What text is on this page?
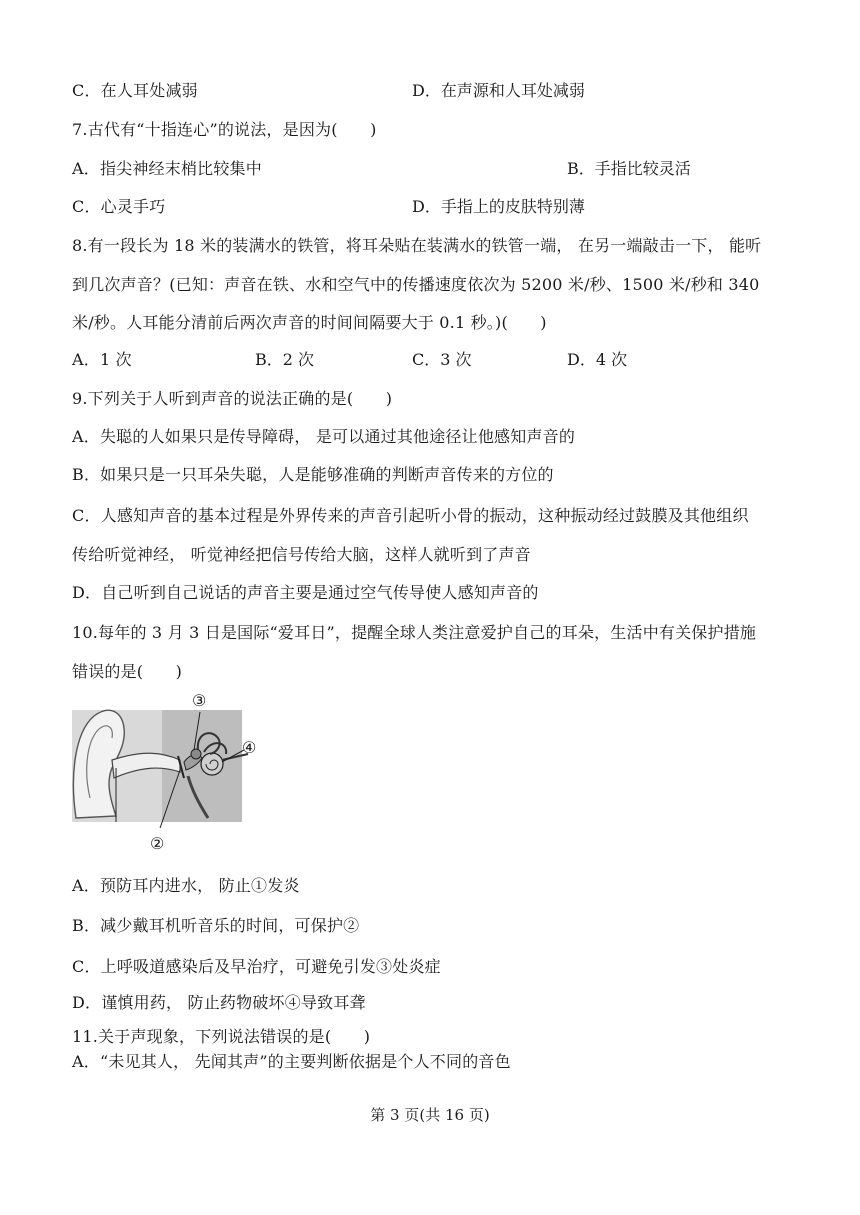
C．在人耳处减弱	D．在声源和人耳处减弱
7.古代有“十指连心”的说法，是因为(　　)
A．指尖神经末梢比较集中	B．手指比较灵活
C．心灵手巧	D．手指上的皮肤特别薄
8.有一段长为 18 米的装满水的铁管，将耳朵贴在装满水的铁管一端， 在另一端敲击一下， 能听
到几次声音？(已知：声音在铁、水和空气中的传播速度依次为 5200 米/秒、1500 米/秒和 340
米/秒。人耳能分清前后两次声音的时间间隔要大于 0.1 秒。)(　　)
A．1 次	B．2 次	C．3 次	D．4 次
9.下列关于人听到声音的说法正确的是(　　)
A．失聪的人如果只是传导障碍， 是可以通过其他途径让他感知声音的
B．如果只是一只耳朵失聪，人是能够准确的判断声音传来的方位的
C．人感知声音的基本过程是外界传来的声音引起听小骨的振动，这种振动经过鼓膜及其他组织
传给听觉神经， 听觉神经把信号传给大脑，这样人就听到了声音
D．自己听到自己说话的声音主要是通过空气传导使人感知声音的
10.每年的 3 月 3 日是国际“爱耳日”，提醒全球人类注意爱护自己的耳朵，生活中有关保护措施
错误的是(　　)
③
④
②
A．预防耳内进水， 防止①发炎
B．减少戴耳机听音乐的时间，可保护②
C．上呼吸道感染后及早治疗，可避免引发③处炎症
D．谨慎用药， 防止药物破坏④导致耳聋
11.关于声现象，下列说法错误的是(　　)
A．“未见其人， 先闻其声”的主要判断依据是个人不同的音色
第 3 页(共 16 页)
